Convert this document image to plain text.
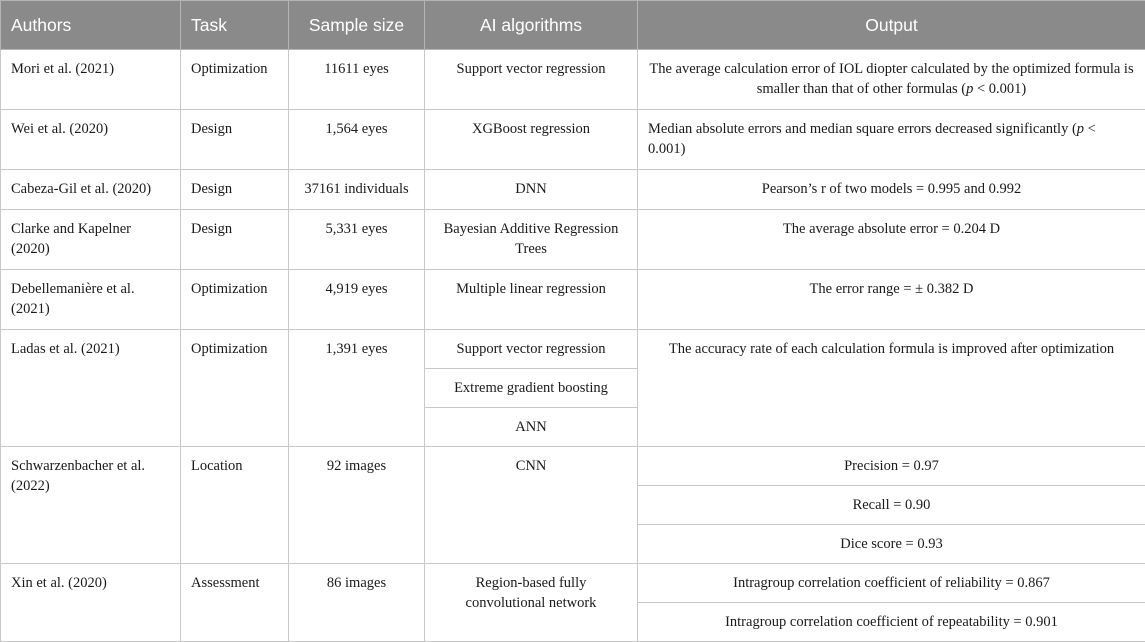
Authors	Task	Sample size	AI algorithms	Output
Mori et al. (2021)	Optimization	11611 eyes	Support vector regression	The average calculation error of IOL diopter calculated by the optimized formula is smaller than that of other formulas (p < 0.001)
Wei et al. (2020)	Design	1,564 eyes	XGBoost regression	Median absolute errors and median square errors decreased significantly (p < 0.001)
Cabeza-Gil et al. (2020)	Design	37161 individuals	DNN	Pearson’s r of two models = 0.995 and 0.992
Clarke and Kapelner (2020)	Design	5,331 eyes	Bayesian Additive Regression Trees	The average absolute error = 0.204 D
Debellemanière et al. (2021)	Optimization	4,919 eyes	Multiple linear regression	The error range = ± 0.382 D
Ladas et al. (2021)	Optimization	1,391 eyes	Support vector regression	The accuracy rate of each calculation formula is improved after optimization
			Extreme gradient boosting	
			ANN	
Schwarzenbacher et al. (2022)	Location	92 images	CNN	Precision = 0.97
				Recall = 0.90
				Dice score = 0.93
Xin et al. (2020)	Assessment	86 images	Region-based fully convolutional network	Intragroup correlation coefficient of reliability = 0.867
				Intragroup correlation coefficient of repeatability = 0.901
